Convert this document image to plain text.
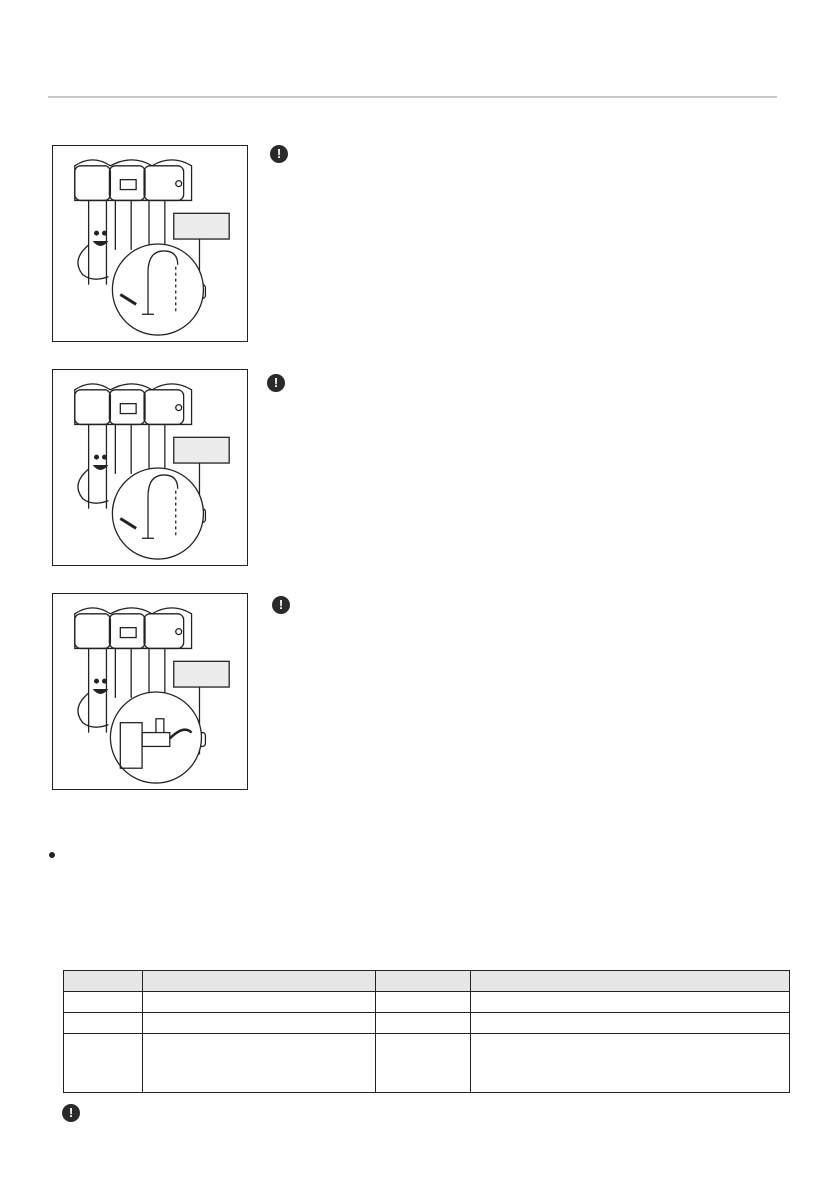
!
!
!

!
